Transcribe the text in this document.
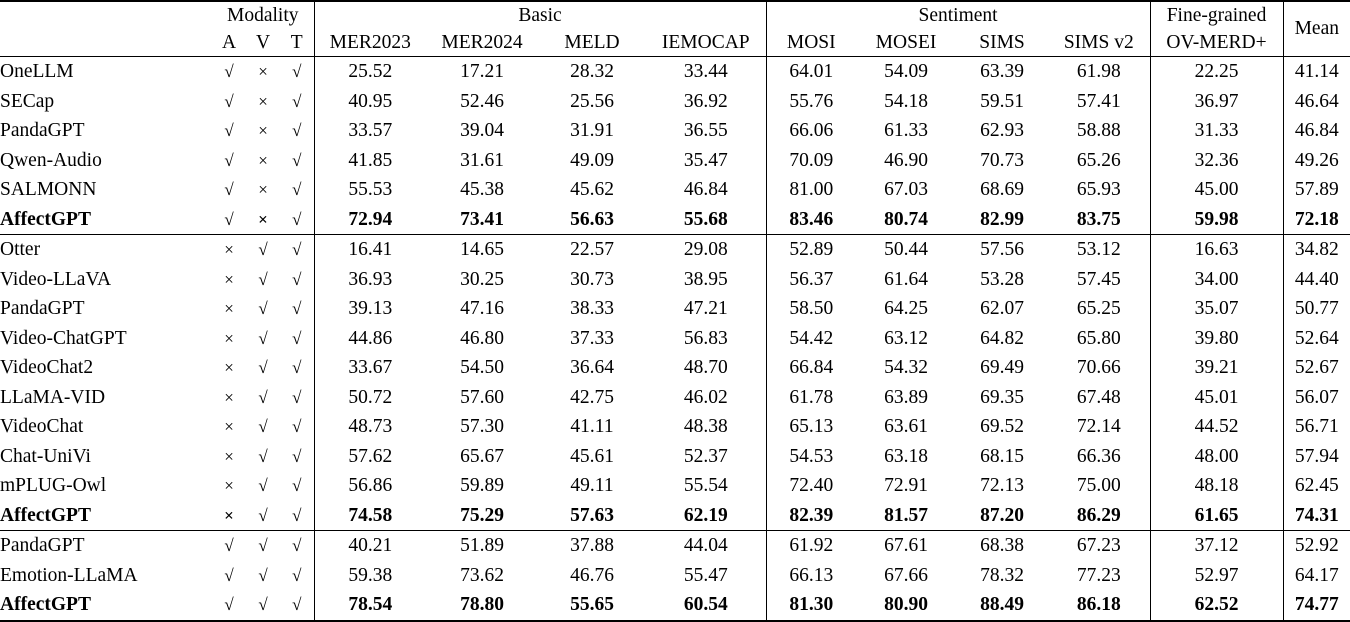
	Modality			Basic				Sentiment				Fine-grained	Mean
	A	V	T	MER2023	MER2024	MELD	IEMOCAP	MOSI	MOSEI	SIMS	SIMS v2	OV-MERD+	
OneLLM	√	×	√	25.52	17.21	28.32	33.44	64.01	54.09	63.39	61.98	22.25	41.14
SECap	√	×	√	40.95	52.46	25.56	36.92	55.76	54.18	59.51	57.41	36.97	46.64
PandaGPT	√	×	√	33.57	39.04	31.91	36.55	66.06	61.33	62.93	58.88	31.33	46.84
Qwen-Audio	√	×	√	41.85	31.61	49.09	35.47	70.09	46.90	70.73	65.26	32.36	49.26
SALMONN	√	×	√	55.53	45.38	45.62	46.84	81.00	67.03	68.69	65.93	45.00	57.89
AffectGPT	√	×	√	72.94	73.41	56.63	55.68	83.46	80.74	82.99	83.75	59.98	72.18
Otter	×	√	√	16.41	14.65	22.57	29.08	52.89	50.44	57.56	53.12	16.63	34.82
Video-LLaVA	×	√	√	36.93	30.25	30.73	38.95	56.37	61.64	53.28	57.45	34.00	44.40
PandaGPT	×	√	√	39.13	47.16	38.33	47.21	58.50	64.25	62.07	65.25	35.07	50.77
Video-ChatGPT	×	√	√	44.86	46.80	37.33	56.83	54.42	63.12	64.82	65.80	39.80	52.64
VideoChat2	×	√	√	33.67	54.50	36.64	48.70	66.84	54.32	69.49	70.66	39.21	52.67
LLaMA-VID	×	√	√	50.72	57.60	42.75	46.02	61.78	63.89	69.35	67.48	45.01	56.07
VideoChat	×	√	√	48.73	57.30	41.11	48.38	65.13	63.61	69.52	72.14	44.52	56.71
Chat-UniVi	×	√	√	57.62	65.67	45.61	52.37	54.53	63.18	68.15	66.36	48.00	57.94
mPLUG-Owl	×	√	√	56.86	59.89	49.11	55.54	72.40	72.91	72.13	75.00	48.18	62.45
AffectGPT	×	√	√	74.58	75.29	57.63	62.19	82.39	81.57	87.20	86.29	61.65	74.31
PandaGPT	√	√	√	40.21	51.89	37.88	44.04	61.92	67.61	68.38	67.23	37.12	52.92
Emotion-LLaMA	√	√	√	59.38	73.62	46.76	55.47	66.13	67.66	78.32	77.23	52.97	64.17
AffectGPT	√	√	√	78.54	78.80	55.65	60.54	81.30	80.90	88.49	86.18	62.52	74.77
